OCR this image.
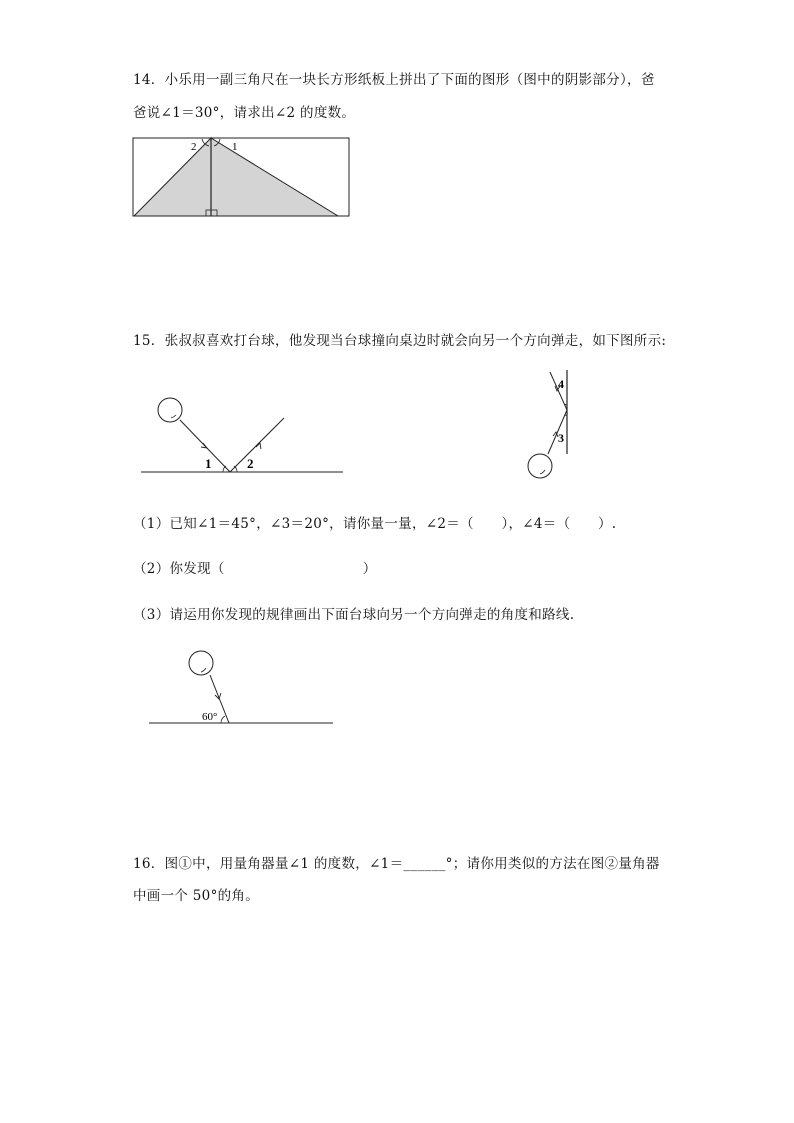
14．小乐用一副三角尺在一块长方形纸板上拼出了下面的图形（图中的阴影部分），爸
爸说∠1＝30°，请求出∠2 的度数。
2	1
15．张叔叔喜欢打台球，他发现当台球撞向桌边时就会向另一个方向弹走，如下图所示:
1	2
4
3
（1）已知∠1＝45°，∠3＝20°，请你量一量，∠2＝（　　），∠4＝（　　）.
（2）你发现（　　　　　　　　　　）
（3）请运用你发现的规律画出下面台球向另一个方向弹走的角度和路线.
60°
16．图①中，用量角器量∠1 的度数，∠1＝______°；请你用类似的方法在图②量角器
中画一个 50°的角。
